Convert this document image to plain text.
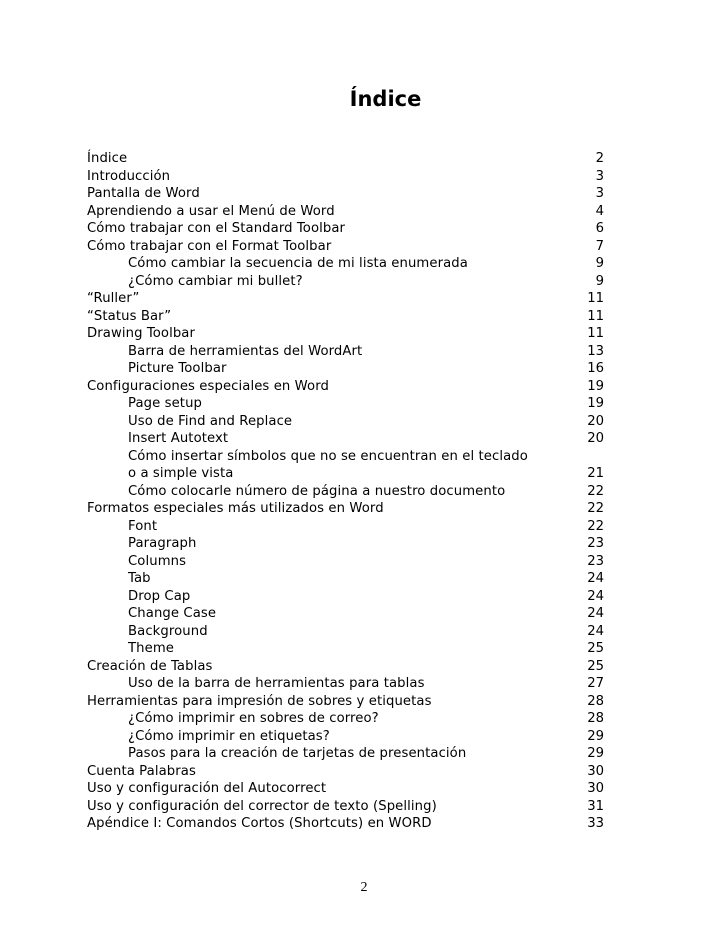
Índice
Índice	2
Introducción	3
Pantalla de Word	3
Aprendiendo a usar el Menú de Word	4
Cómo trabajar con el Standard Toolbar	6
Cómo trabajar con el Format Toolbar	7
Cómo cambiar la secuencia de mi lista enumerada	9
¿Cómo cambiar mi bullet?	9
“Ruller”	11
“Status Bar”	11
Drawing Toolbar	11
Barra de herramientas del WordArt	13
Picture Toolbar	16
Configuraciones especiales en Word	19
Page setup	19
Uso de Find and Replace	20
Insert Autotext	20
Cómo insertar símbolos que no se encuentran en el teclado
o a simple vista	21
Cómo colocarle número de página a nuestro documento	22
Formatos especiales más utilizados en Word	22
Font	22
Paragraph	23
Columns	23
Tab	24
Drop Cap	24
Change Case	24
Background	24
Theme	25
Creación de Tablas	25
Uso de la barra de herramientas para tablas	27
Herramientas para impresión de sobres y etiquetas	28
¿Cómo imprimir en sobres de correo?	28
¿Cómo imprimir en etiquetas?	29
Pasos para la creación de tarjetas de presentación	29
Cuenta Palabras	30
Uso y configuración del Autocorrect	30
Uso y configuración del corrector de texto (Spelling)	31
Apéndice I: Comandos Cortos (Shortcuts) en WORD	33
2
